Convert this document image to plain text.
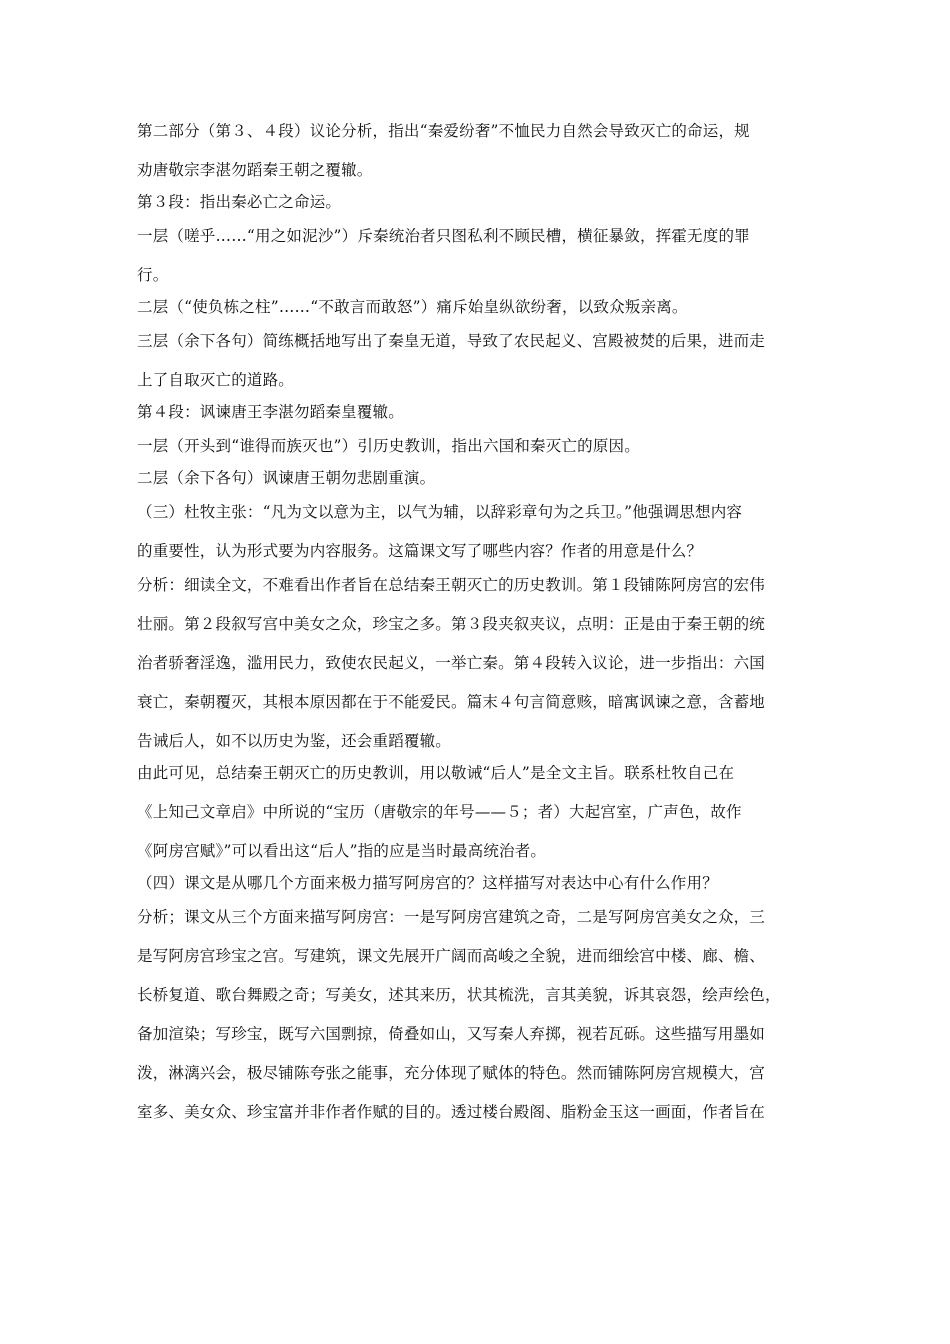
第二部分（第３、４段）议论分析，指出“秦爱纷奢”不恤民力自然会导致灭亡的命运，规
劝唐敬宗李湛勿蹈秦王朝之覆辙。
第３段：指出秦必亡之命运。
一层（嗟乎……“用之如泥沙”）斥秦统治者只图私利不顾民槽，横征暴敛，挥霍无度的罪
行。
二层（“使负栋之柱”……“不敢言而敢怒”）痛斥始皇纵欲纷奢，以致众叛亲离。
三层（余下各句）简练概括地写出了秦皇无道，导致了农民起义、宫殿被焚的后果，进而走
上了自取灭亡的道路。
第４段：讽谏唐王李湛勿蹈秦皇覆辙。
一层（开头到“谁得而族灭也”）引历史教训，指出六国和秦灭亡的原因。
二层（余下各句）讽谏唐王朝勿悲剧重演。
（三）杜牧主张：“凡为文以意为主，以气为辅，以辞彩章句为之兵卫。”他强调思想内容
的重要性，认为形式要为内容服务。这篇课文写了哪些内容？作者的用意是什么？
分析：细读全文，不难看出作者旨在总结秦王朝灭亡的历史教训。第１段铺陈阿房宫的宏伟
壮丽。第２段叙写宫中美女之众，珍宝之多。第３段夹叙夹议，点明：正是由于秦王朝的统
治者骄奢淫逸，滥用民力，致使农民起义，一举亡秦。第４段转入议论，进一步指出：六国
衰亡，秦朝覆灭，其根本原因都在于不能爱民。篇末４句言简意赅，暗寓讽谏之意，含蓄地
告诫后人，如不以历史为鉴，还会重蹈覆辙。
由此可见，总结秦王朝灭亡的历史教训，用以敬诫“后人”是全文主旨。联系杜牧自己在
《上知己文章启》中所说的“宝历（唐敬宗的年号——５；者）大起宫室，广声色，故作
《阿房宫赋》”可以看出这“后人”指的应是当时最高统治者。
（四）课文是从哪几个方面来极力描写阿房宫的？这样描写对表达中心有什么作用？
分析；课文从三个方面来描写阿房宫：一是写阿房宫建筑之奇，二是写阿房宫美女之众，三
是写阿房宫珍宝之宫。写建筑，课文先展开广阔而高峻之全貌，进而细绘宫中楼、廊、檐、
长桥复道、歌台舞殿之奇；写美女，述其来历，状其梳洗，言其美貌，诉其哀怨，绘声绘色，
备加渲染；写珍宝，既写六国剽掠，倚叠如山，又写秦人弃掷，视若瓦砾。这些描写用墨如
泼，淋漓兴会，极尽铺陈夸张之能事，充分体现了赋体的特色。然而铺陈阿房宫规模大，宫
室多、美女众、珍宝富并非作者作赋的目的。透过楼台殿阁、脂粉金玉这一画面，作者旨在
